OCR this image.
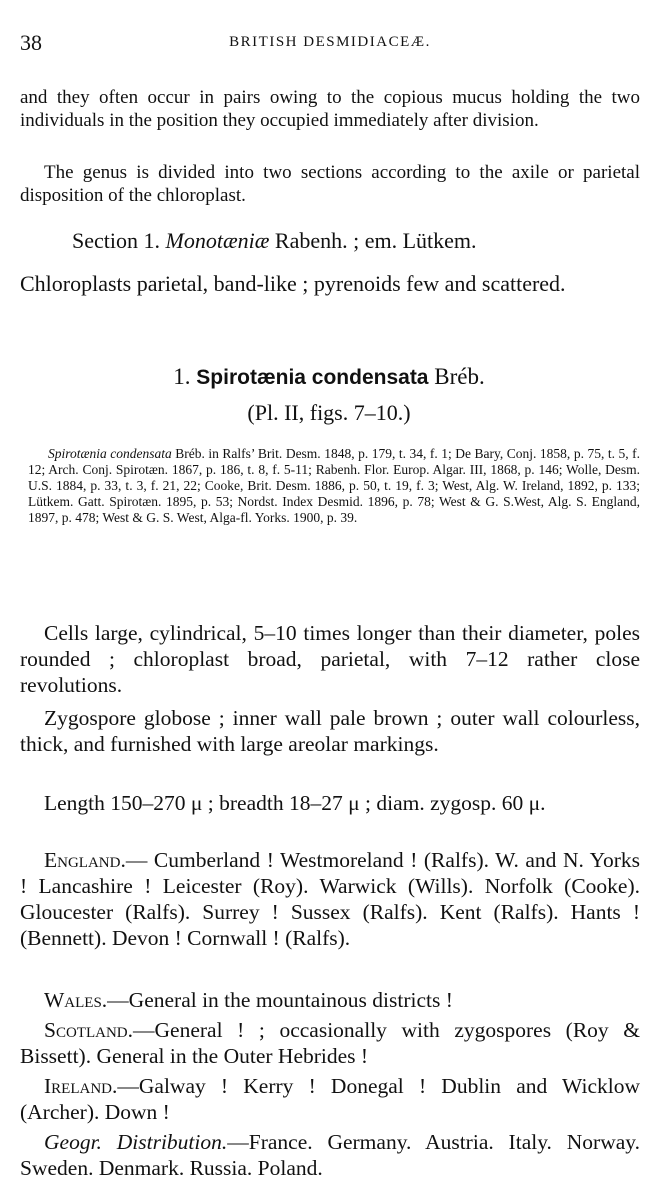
38	BRITISH DESMIDIACEÆ.

and they often occur in pairs owing to the copious mucus holding the two individuals in the position they occupied immediately after division.

The genus is divided into two sections according to the axile or parietal disposition of the chloroplast.

Section 1. Monotæniæ Rabenh. ; em. Lütkem.

Chloroplasts parietal, band-like ; pyrenoids few and scattered.

1. Spirotænia condensata Bréb.

(Pl. II, figs. 7–10.)

Spirotænia condensata Bréb. in Ralfs’ Brit. Desm. 1848, p. 179, t. 34, f. 1; De Bary, Conj. 1858, p. 75, t. 5, f. 12; Arch. Conj. Spirotæn. 1867, p. 186, t. 8, f. 5-11; Rabenh. Flor. Europ. Algar. III, 1868, p. 146; Wolle, Desm. U.S. 1884, p. 33, t. 3, f. 21, 22; Cooke, Brit. Desm. 1886, p. 50, t. 19, f. 3; West, Alg. W. Ireland, 1892, p. 133; Lütkem. Gatt. Spirotæn. 1895, p. 53; Nordst. Index Desmid. 1896, p. 78; West & G. S.West, Alg. S. England, 1897, p. 478; West & G. S. West, Alga-fl. Yorks. 1900, p. 39.

Cells large, cylindrical, 5–10 times longer than their diameter, poles rounded ; chloroplast broad, parietal, with 7–12 rather close revolutions.

Zygospore globose ; inner wall pale brown ; outer wall colourless, thick, and furnished with large areolar markings.

Length 150–270 μ ; breadth 18–27 μ ; diam. zygosp. 60 μ.

England.— Cumberland ! Westmoreland ! (Ralfs). W. and N. Yorks ! Lancashire ! Leicester (Roy). Warwick (Wills). Norfolk (Cooke). Gloucester (Ralfs). Surrey ! Sussex (Ralfs). Kent (Ralfs). Hants ! (Bennett). Devon ! Cornwall ! (Ralfs).

Wales.—General in the mountainous districts !

Scotland.—General ! ; occasionally with zygospores (Roy & Bissett). General in the Outer Hebrides !

Ireland.—Galway ! Kerry ! Donegal ! Dublin and Wicklow (Archer). Down !

Geogr. Distribution.—France. Germany. Austria. Italy. Norway. Sweden. Denmark. Russia. Poland.
